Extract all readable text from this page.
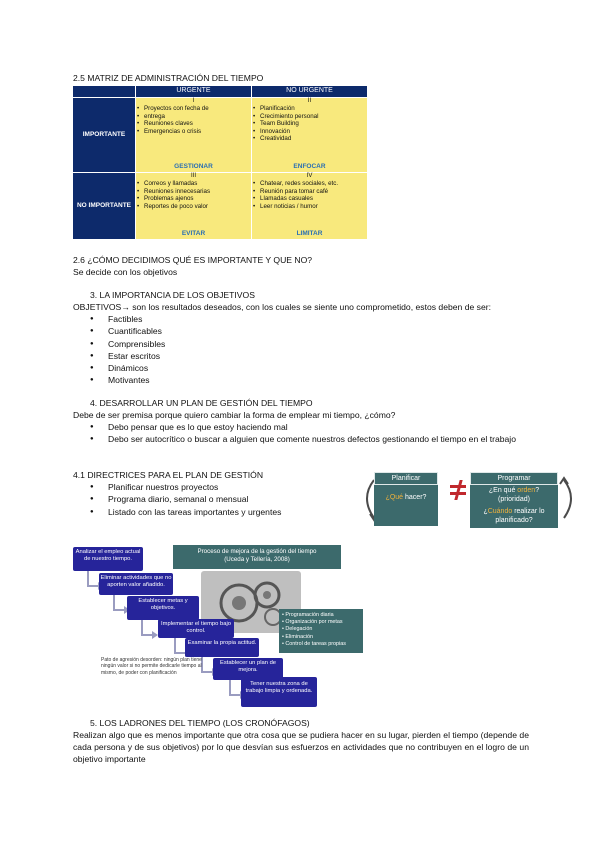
2.5 MATRIZ DE ADMINISTRACIÓN DEL TIEMPO
URGENTE	NO URGENTE
IMPORTANTE
NO IMPORTANTE
I
• Proyectos con fecha de
• entrega
• Reuniones claves
• Emergencias o crisis
GESTIONAR
II
• Planificación
• Crecimiento personal
• Team Building
• Innovación
• Creatividad
ENFOCAR
III
• Correos y llamadas
• Reuniones innecesarias
• Problemas ajenos
• Reportes de poco valor
EVITAR
IV
• Chatear, redes sociales, etc.
• Reunión para tomar café
• Llamadas casuales
• Leer noticias / humor
LIMITAR
2.6 ¿CÓMO DECIDIMOS QUÉ ES IMPORTANTE Y QUE NO?
Se decide con los objetivos
3. LA IMPORTANCIA DE LOS OBJETIVOS
OBJETIVOS→ son los resultados deseados, con los cuales se siente uno comprometido, estos deben de ser:
● Factibles
● Cuantificables
● Comprensibles
● Estar escritos
● Dinámicos
● Motivantes
4. DESARROLLAR UN PLAN DE GESTIÓN DEL TIEMPO
Debe de ser premisa porque quiero cambiar la forma de emplear mi tiempo, ¿cómo?
● Debo pensar que es lo que estoy haciendo mal
● Debo ser autocrítico o buscar a alguien que comente nuestros defectos gestionando el tiempo en el trabajo
4.1 DIRECTRICES PARA EL PLAN DE GESTIÓN
● Planificar nuestros proyectos
● Programa diario, semanal o mensual
● Listado con las tareas importantes y urgentes
Planificar
¿Qué hacer?
Programar
¿En qué orden?
(prioridad)
¿Cuándo realizar lo
planificado?
Proceso de mejora de la gestión del tiempo
(Uceda y Tellería, 2008)
Analizar el empleo actual de nuestro tiempo.
Eliminar actividades que no aporten valor añadido.
Establecer metas y objetivos.
Implementar el tiempo bajo control.
Examinar la propia actitud.
Establecer un plan de mejora.
Tener nuestra zona de trabajo limpia y ordenada.
• Programación diaria
• Organización por metas
• Delegación
• Eliminación
• Control de tareas propias
Pato de agresión desorden: ningún plan tiene ningún valor si no permite dedicarle tiempo al mismo, de poder con planificación
5. LOS LADRONES DEL TIEMPO (LOS CRONÓFAGOS)
Realizan algo que es menos importante que otra cosa que se pudiera hacer en su lugar, pierden el tiempo (depende de cada persona y de sus objetivos) por lo que desvían sus esfuerzos en actividades que no contribuyen en el logro de un objetivo importante
